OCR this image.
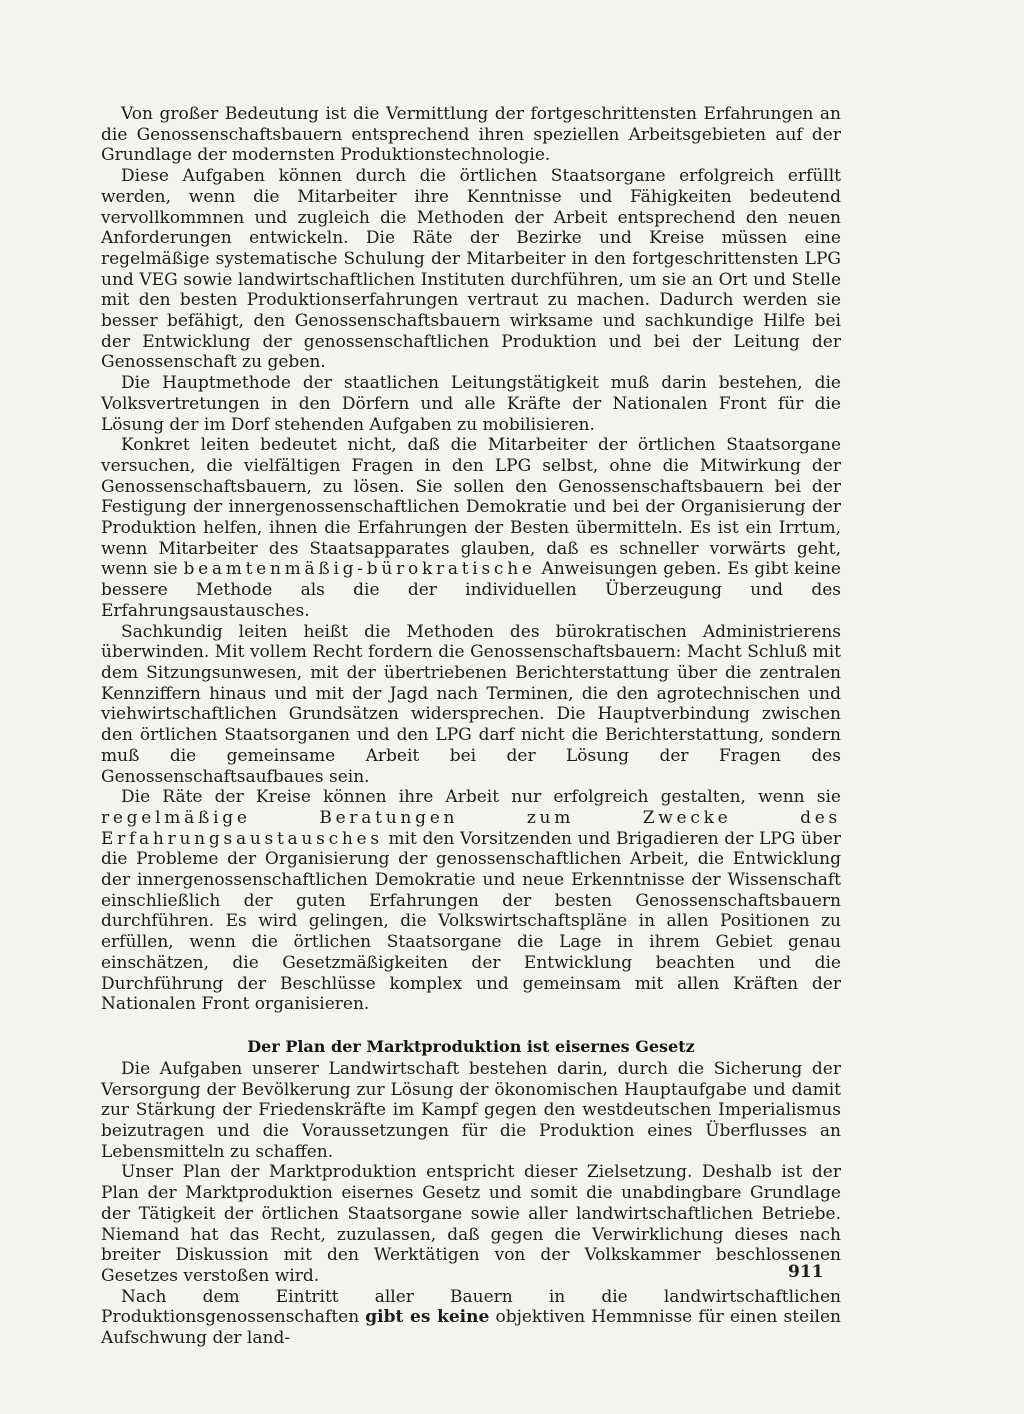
Von großer Bedeutung ist die Vermittlung der fortgeschrittensten Erfahrungen an die Genossenschaftsbauern entsprechend ihren speziellen Arbeitsgebieten auf der Grundlage der modernsten Produktionstechnologie.

Diese Aufgaben können durch die örtlichen Staatsorgane erfolgreich erfüllt werden, wenn die Mitarbeiter ihre Kenntnisse und Fähigkeiten bedeutend vervollkommnen und zugleich die Methoden der Arbeit entsprechend den neuen Anforderungen entwickeln. Die Räte der Bezirke und Kreise müssen eine regelmäßige systematische Schulung der Mitarbeiter in den fortgeschrittensten LPG und VEG sowie landwirtschaftlichen Instituten durchführen, um sie an Ort und Stelle mit den besten Produktionserfahrungen vertraut zu machen. Dadurch werden sie besser befähigt, den Genossenschaftsbauern wirksame und sachkundige Hilfe bei der Entwicklung der genossenschaftlichen Produktion und bei der Leitung der Genossenschaft zu geben.

Die Hauptmethode der staatlichen Leitungstätigkeit muß darin bestehen, die Volksvertretungen in den Dörfern und alle Kräfte der Nationalen Front für die Lösung der im Dorf stehenden Aufgaben zu mobilisieren.

Konkret leiten bedeutet nicht, daß die Mitarbeiter der örtlichen Staatsorgane versuchen, die vielfältigen Fragen in den LPG selbst, ohne die Mitwirkung der Genossenschaftsbauern, zu lösen. Sie sollen den Genossenschaftsbauern bei der Festigung der innergenossenschaftlichen Demokratie und bei der Organisierung der Produktion helfen, ihnen die Erfahrungen der Besten übermitteln. Es ist ein Irrtum, wenn Mitarbeiter des Staatsapparates glauben, daß es schneller vorwärts geht, wenn sie beamtenmäßig-bürokratische Anweisungen geben. Es gibt keine bessere Methode als die der individuellen Überzeugung und des Erfahrungsaustausches.

Sachkundig leiten heißt die Methoden des bürokratischen Administrierens überwinden. Mit vollem Recht fordern die Genossenschaftsbauern: Macht Schluß mit dem Sitzungsunwesen, mit der übertriebenen Berichterstattung über die zentralen Kennziffern hinaus und mit der Jagd nach Terminen, die den agrotechnischen und viehwirtschaftlichen Grundsätzen widersprechen. Die Hauptverbindung zwischen den örtlichen Staatsorganen und den LPG darf nicht die Berichterstattung, sondern muß die gemeinsame Arbeit bei der Lösung der Fragen des Genossenschaftsaufbaues sein.

Die Räte der Kreise können ihre Arbeit nur erfolgreich gestalten, wenn sie regelmäßige Beratungen zum Zwecke des Erfahrungsaustausches mit den Vorsitzenden und Brigadieren der LPG über die Probleme der Organisierung der genossenschaftlichen Arbeit, die Entwicklung der innergenossenschaftlichen Demokratie und neue Erkenntnisse der Wissenschaft einschließlich der guten Erfahrungen der besten Genossenschaftsbauern durchführen. Es wird gelingen, die Volkswirtschaftspläne in allen Positionen zu erfüllen, wenn die örtlichen Staatsorgane die Lage in ihrem Gebiet genau einschätzen, die Gesetzmäßigkeiten der Entwicklung beachten und die Durchführung der Beschlüsse komplex und gemeinsam mit allen Kräften der Nationalen Front organisieren.

Der Plan der Marktproduktion ist eisernes Gesetz

Die Aufgaben unserer Landwirtschaft bestehen darin, durch die Sicherung der Versorgung der Bevölkerung zur Lösung der ökonomischen Hauptaufgabe und damit zur Stärkung der Friedenskräfte im Kampf gegen den westdeutschen Imperialismus beizutragen und die Voraussetzungen für die Produktion eines Überflusses an Lebensmitteln zu schaffen.

Unser Plan der Marktproduktion entspricht dieser Zielsetzung. Deshalb ist der Plan der Marktproduktion eisernes Gesetz und somit die unabdingbare Grundlage der Tätigkeit der örtlichen Staatsorgane sowie aller landwirtschaftlichen Betriebe. Niemand hat das Recht, zuzulassen, daß gegen die Verwirklichung dieses nach breiter Diskussion mit den Werktätigen von der Volkskammer beschlossenen Gesetzes verstoßen wird.

Nach dem Eintritt aller Bauern in die landwirtschaftlichen Produktionsgenossenschaften gibt es keine objektiven Hemmnisse für einen steilen Aufschwung der land-

911
